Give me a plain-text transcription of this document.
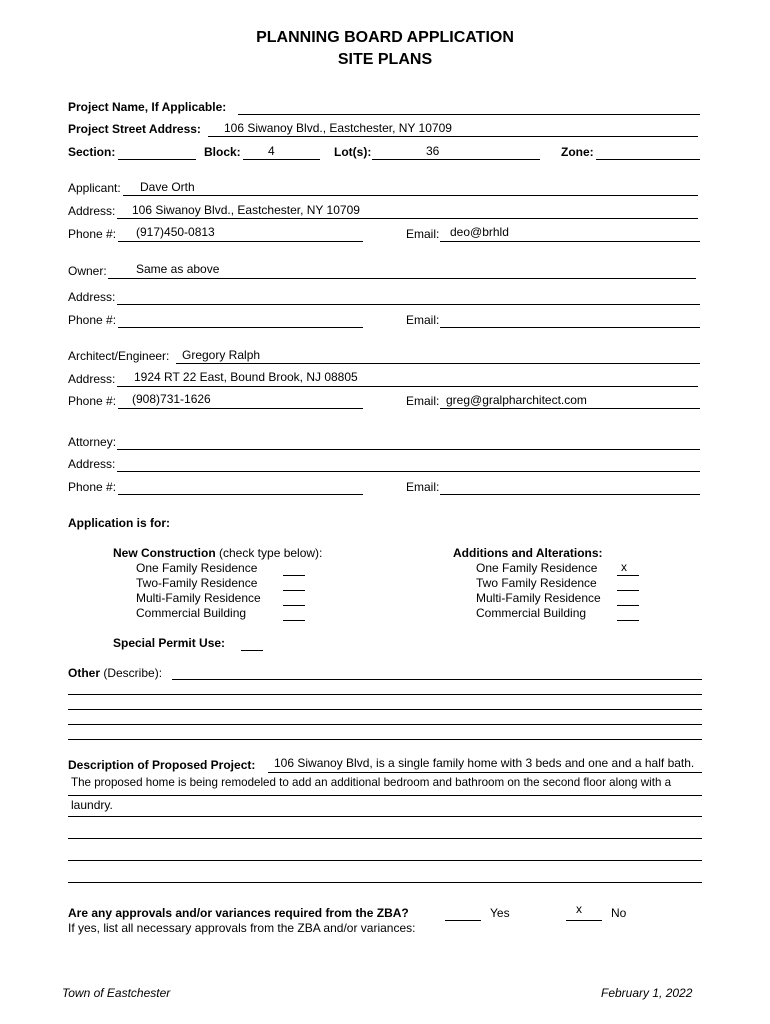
PLANNING BOARD APPLICATION
SITE PLANS
Project Name, If Applicable:
Project Street Address: 106 Siwanoy Blvd., Eastchester, NY 10709
Section:	Block: 4	Lot(s):	36	Zone:
Applicant: Dave Orth
Address: 106 Siwanoy Blvd., Eastchester, NY 10709
Phone #: (917)450-0813	Email: deo@brhld
Owner: Same as above
Address:
Phone #:	Email:
Architect/Engineer: Gregory Ralph
Address: 1924 RT 22 East, Bound Brook, NJ 08805
Phone #: (908)731-1626	Email: greg@gralpharchitect.com
Attorney:
Address:
Phone #:	Email:
Application is for:
New Construction (check type below):
One Family Residence
Two-Family Residence
Multi-Family Residence
Commercial Building
Additions and Alterations:
One Family Residence x
Two Family Residence
Multi-Family Residence
Commercial Building
Special Permit Use:
Other (Describe):
Description of Proposed Project: 106 Siwanoy Blvd, is a single family home with 3 beds and one and a half bath.
The proposed home is being remodeled to add an additional bedroom and bathroom on the second floor along with a
laundry.
Are any approvals and/or variances required from the ZBA?	Yes	x No
If yes, list all necessary approvals from the ZBA and/or variances:
Town of Eastchester	February 1, 2022
